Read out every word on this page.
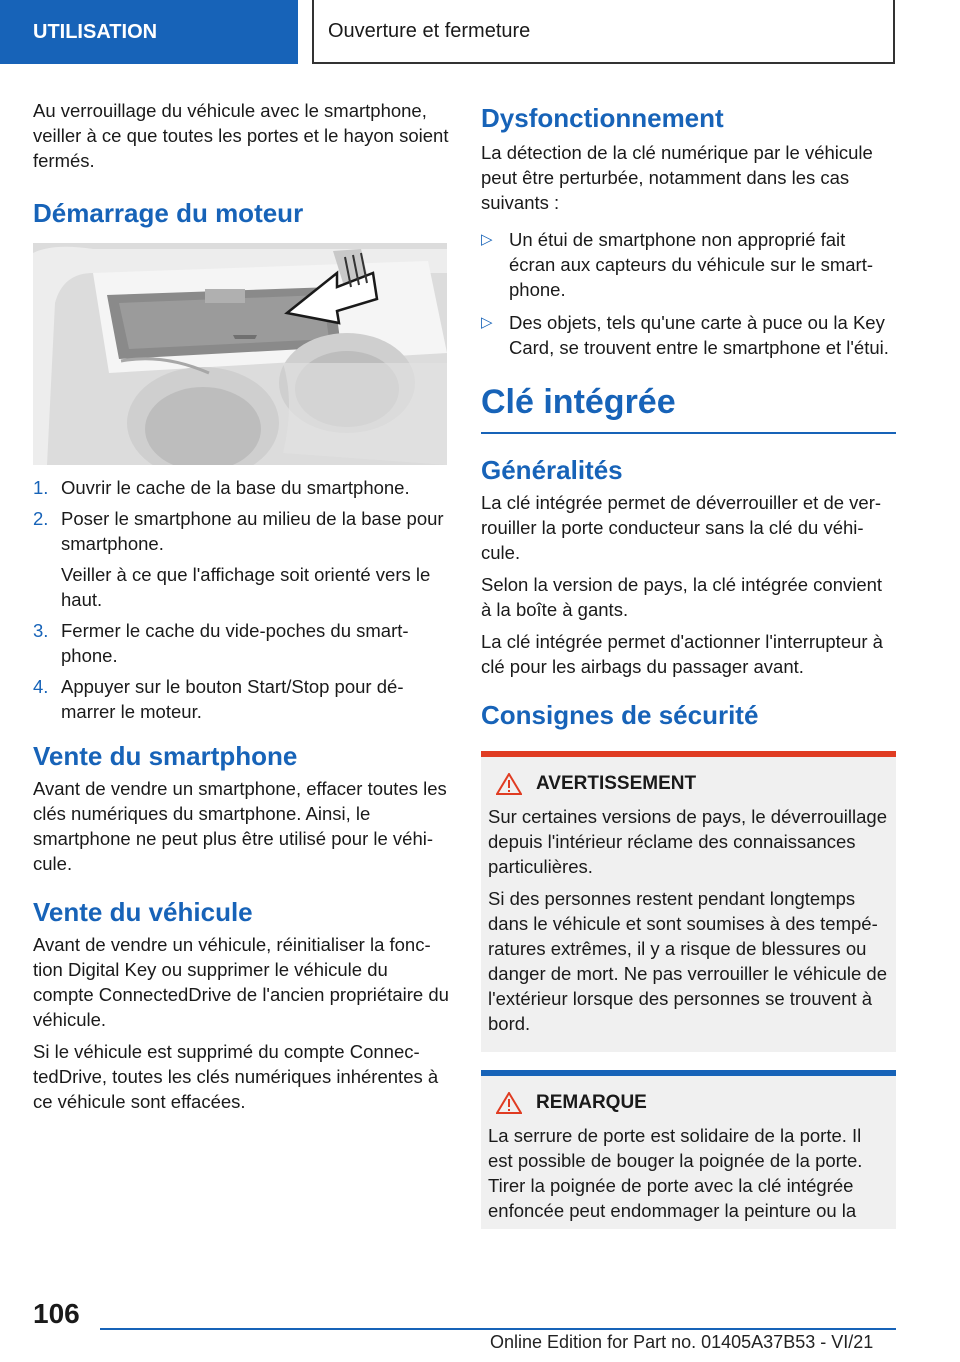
UTILISATION	Ouverture et fermeture

Au verrouillage du véhicule avec le smartphone, veiller à ce que toutes les portes et le hayon soient fermés.

Démarrage du moteur
1. Ouvrir le cache de la base du smartphone.
2. Poser le smartphone au milieu de la base pour smartphone.
Veiller à ce que l'affichage soit orienté vers le haut.
3. Fermer le cache du vide-poches du smartphone.
4. Appuyer sur le bouton Start/Stop pour démarrer le moteur.
Vente du smartphone

Avant de vendre un smartphone, effacer toutes les clés numériques du smartphone. Ainsi, le smartphone ne peut plus être utilisé pour le véhicule.

Vente du véhicule

Avant de vendre un véhicule, réinitialiser la fonction Digital Key ou supprimer le véhicule du compte ConnectedDrive de l'ancien propriétaire du véhicule.

Si le véhicule est supprimé du compte ConnectedDrive, toutes les clés numériques inhérentes à ce véhicule sont effacées.

Dysfonctionnement

La détection de la clé numérique par le véhicule peut être perturbée, notamment dans les cas suivants :

▷ Un étui de smartphone non approprié fait écran aux capteurs du véhicule sur le smartphone.
▷ Des objets, tels qu'une carte à puce ou la Key Card, se trouvent entre le smartphone et l'étui.
Clé intégrée
Généralités

La clé intégrée permet de déverrouiller et de verrouiller la porte conducteur sans la clé du véhicule.

Selon la version de pays, la clé intégrée convient à la boîte à gants.

La clé intégrée permet d'actionner l'interrupteur à clé pour les airbags du passager avant.

Consignes de sécurité
AVERTISSEMENT

Sur certaines versions de pays, le déverrouillage depuis l'intérieur réclame des connaissances particulières.

Si des personnes restent pendant longtemps dans le véhicule et sont soumises à des températures extrêmes, il y a risque de blessures ou danger de mort. Ne pas verrouiller le véhicule de l'extérieur lorsque des personnes se trouvent à bord.

REMARQUE

La serrure de porte est solidaire de la porte. Il est possible de bouger la poignée de la porte. Tirer la poignée de porte avec la clé intégrée enfoncée peut endommager la peinture ou la

106
Online Edition for Part no. 01405A37B53 - VI/21
